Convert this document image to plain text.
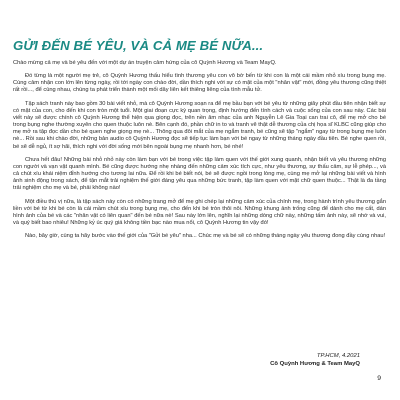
GỬI ĐẾN BÉ YÊU, VÀ CẢ MẸ BÉ NỮA...

Chào mừng cả mẹ và bé yêu đến với một dự án truyện cảm hứng của cô Quỳnh Hương và Team MayQ.

Đó từng là một người mẹ trẻ, cô Quỳnh Hương thấu hiểu tình thương yêu con vô bờ bến từ khi con là một cái mầm nhỏ xíu trong bụng mẹ. Cùng cảm nhận con lớn lên từng ngày, rồi tới ngày con chào đời, dần thích nghi với sự có mặt của một "nhân vật" mới, đồng yêu thương cũng thiệt rất rồi..., để cùng nhau, chúng ta phát triển thành một mối dây liên kết thiêng liêng của tình mẫu tử.

Tập sách tranh này bao gồm 30 bài viết nhỏ, mà cô Quỳnh Hương soạn ra để mẹ bầu bạn với bé yêu từ những giây phút đầu tiên nhận biết sự có mặt của con, cho đến khi con tròn một tuổi. Một giai đoạn cực kỳ quan trọng, định hướng đến tính cách và cuộc sống của con sau này. Các bài viết này sẽ được chính cô Quỳnh Hương thể hiện qua giọng đọc, trên nền âm nhạc của anh Nguyễn Lê Gia Toại can trai cô, để mẹ mở cho bé trong bụng nghe thường xuyên cho quen thuộc luôn nè. Bên cạnh đó, phần chữ in to và tranh vẽ thật dễ thương của chị họa sĩ KLBC cũng giúp cho mẹ mở ra tập đọc dần cho bé quen nghe giọng mẹ nè... Thông qua đôi mắt của mẹ ngắm tranh, bé cũng sẽ tập "ngắm" ngay từ trong bụng mẹ luôn nè... Rồi sau khi chào đời, những bản audio cô Quỳnh Hương đọc sẽ tiếp tục làm bạn với bé ngay từ những tháng ngày đầu tiên. Bé nghe quen rồi, bé sẽ dễ ngủ, ít sợ hãi, thích nghi với đời sống mới bên ngoài bụng mẹ nhanh hơn, bé nhé!

Chưa hết đâu! Những bài nhỏ nhỏ này còn làm bạn với bé trong việc tập làm quen với thế giới xung quanh, nhận biết và yêu thương những con người và vạn vật quanh mình. Bé cũng được hướng nhẹ nhàng đến những cảm xúc tích cực, như yêu thương, sự thấu cảm, sự lễ phép..., và cả chút xíu khái niệm đỉnh hướng cho tương lai nữa. Để rồi khi bé biết nói, bé sẽ được ngồi trong lòng mẹ, cùng mẹ mở lại những bài viết và hình ảnh sinh động trong sách, để tận mắt trải nghiệm thế giới đáng yêu qua những bức tranh, tập làm quen với mặt chữ quen thuộc... Thật là đa tầng trải nghiệm cho mẹ và bé, phải không nào!

Một điều thú vị nữa, là tập sách này còn có những trang mở để mẹ ghi chép lại những cảm xúc của chính mẹ, trong hành trình yêu thương gắn liền với bé từ khi bé còn là cái mầm chút xíu trong bụng mẹ, cho đến khi bé tròn thôi nôi. Những khung ảnh trống cũng để dành cho mẹ cất, dán hình ảnh của bé và các "nhân vật có liên quan" đến bé nữa nè! Sau này lớn lên, nghĩn lại những dòng chữ này, những tấm ảnh này, sẽ nhớ và vui, và quý biết bao nhiêu! Những kỷ úc quý giá không tiền bạc nào mua nổi, cô Quỳnh Hương tin vậy đó!

Nào, bây giờ, cùng ta hãy bước vào thế giới của "Gửi bé yêu" nha... Chúc mẹ và bé sẽ có những tháng ngày yêu thương đong đầy cùng nhau!

TP.HCM, 4.2021
Cô Quỳnh Hương & Team MayQ
9
